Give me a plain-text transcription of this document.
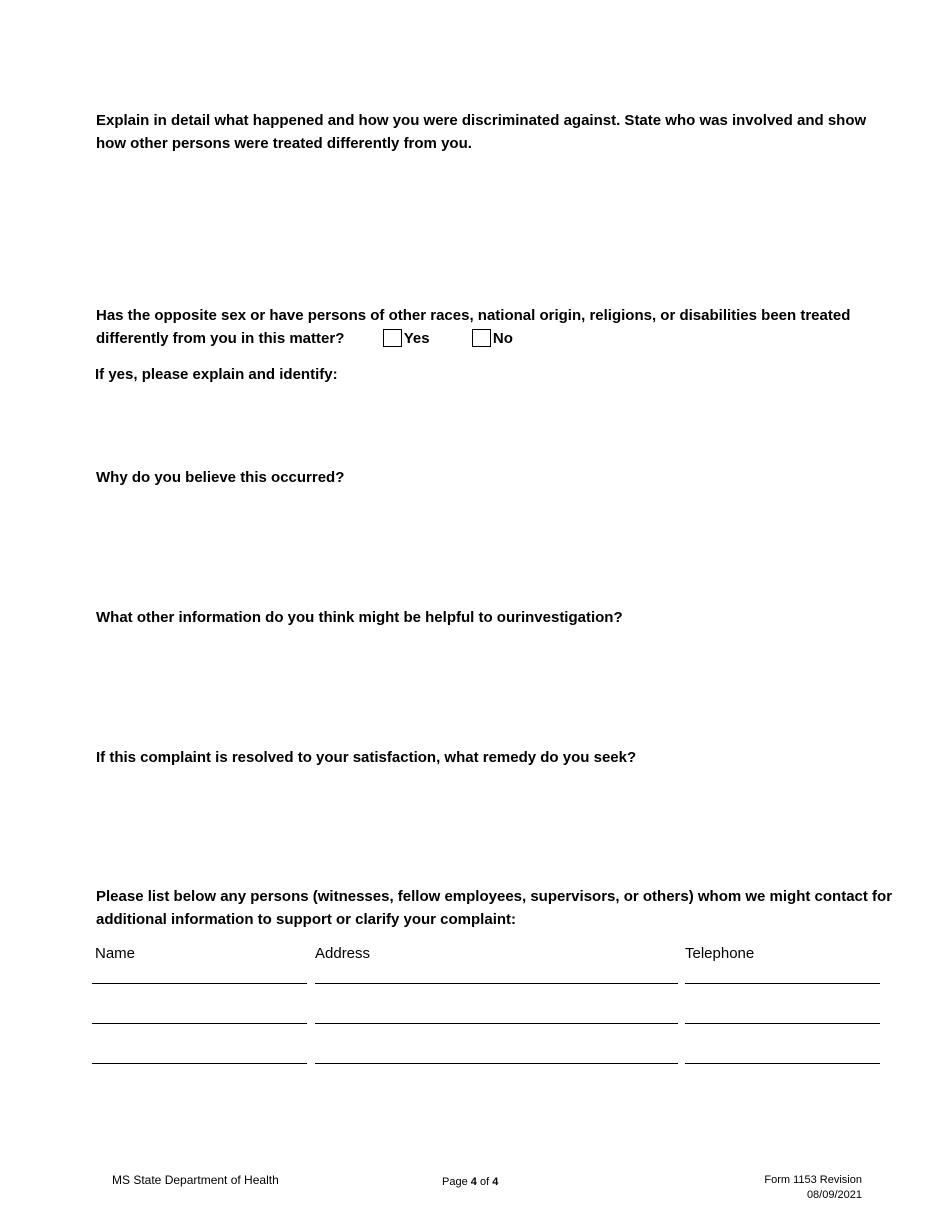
Explain in detail what happened and how you were discriminated against. State who was involved and show how other persons were treated differently from you.
Has the opposite sex or have persons of other races, national origin, religions, or disabilities been treated differently from you in this matter?	Yes	No
If yes, please explain and identify:
Why do you believe this occurred?
What other information do you think might be helpful to ourinvestigation?
If this complaint is resolved to your satisfaction, what remedy do you seek?
Please list below any persons (witnesses, fellow employees, supervisors, or others) whom we might contact for additional information to support or clarify your complaint:
Name	Address	Telephone
MS State Department of Health	Page 4 of 4	Form 1153 Revision
08/09/2021
